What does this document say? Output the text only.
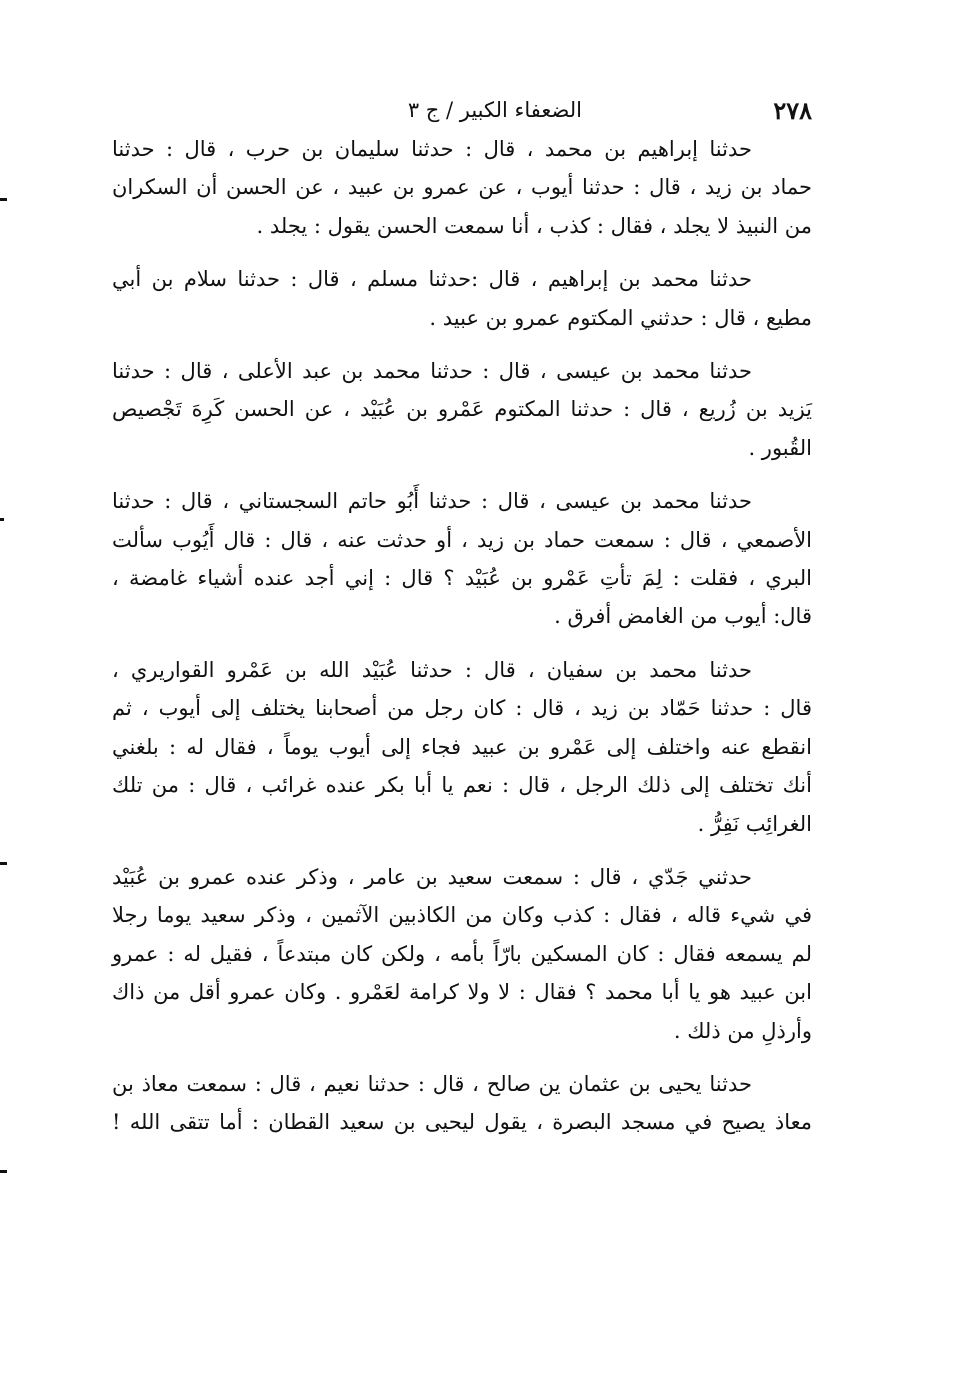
٢٧٨
الضعفاء الكبير / ج ٣
حدثنا إبراهيم بن محمد ، قال : حدثنا سليمان بن حرب ، قال : حدثنا
حماد بن زيد ، قال : حدثنا أيوب ، عن عمرو بن عبيد ، عن الحسن أن السكران
من النبيذ لا يجلد ، فقال : كذب ، أنا سمعت الحسن يقول : يجلد .
حدثنا محمد بن إبراهيم ، قال :حدثنا مسلم ، قال : حدثنا سلام بن أبي
مطيع ، قال : حدثني المكتوم عمرو بن عبيد .
حدثنا محمد بن عيسى ، قال : حدثنا محمد بن عبد الأعلى ، قال : حدثنا
يَزيد بن زُريع ، قال : حدثنا المكتوم عَمْرو بن عُبَيْد ، عن الحسن كَرِهَ تَجْصيص
القُبور .
حدثنا محمد بن عيسى ، قال : حدثنا أَبُو حاتم السجستاني ، قال : حدثنا
الأصمعي ، قال : سمعت حماد بن زيد ، أو حدثت عنه ، قال : قال أَيُوب سألت
البري ، فقلت : لِمَ تأتِ عَمْرو بن عُبَيْد ؟ قال : إني أجد عنده أشياء غامضة ،
قال: أيوب من الغامض أفرق .
حدثنا محمد بن سفيان ، قال : حدثنا عُبَيْد الله بن عَمْرو القواريري ،
قال : حدثنا حَمّاد بن زيد ، قال : كان رجل من أصحابنا يختلف إلى أيوب ، ثم
انقطع عنه واختلف إلى عَمْرو بن عبيد فجاء إلى أيوب يوماً ، فقال له : بلغني
أنك تختلف إلى ذلك الرجل ، قال : نعم يا أبا بكر عنده غرائب ، قال : من تلك
الغرائِب نَفِرُّ .
حدثني جَدّي ، قال : سمعت سعيد بن عامر ، وذكر عنده عمرو بن عُبَيْد
في شيء قاله ، فقال : كذب وكان من الكاذبين الآثمين ، وذكر سعيد يوما رجلا
لم يسمعه فقال : كان المسكين بارّاً بأمه ، ولكن كان مبتدعاً ، فقيل له : عمرو
ابن عبيد هو يا أبا محمد ؟ فقال : لا ولا كرامة لعَمْرو . وكان عمرو أقل من ذاك
وأرذلِ من ذلك .
حدثنا يحيى بن عثمان ين صالح ، قال : حدثنا نعيم ، قال : سمعت معاذ بن
معاذ يصيح في مسجد البصرة ، يقول ليحيى بن سعيد القطان : أما تتقى الله !
